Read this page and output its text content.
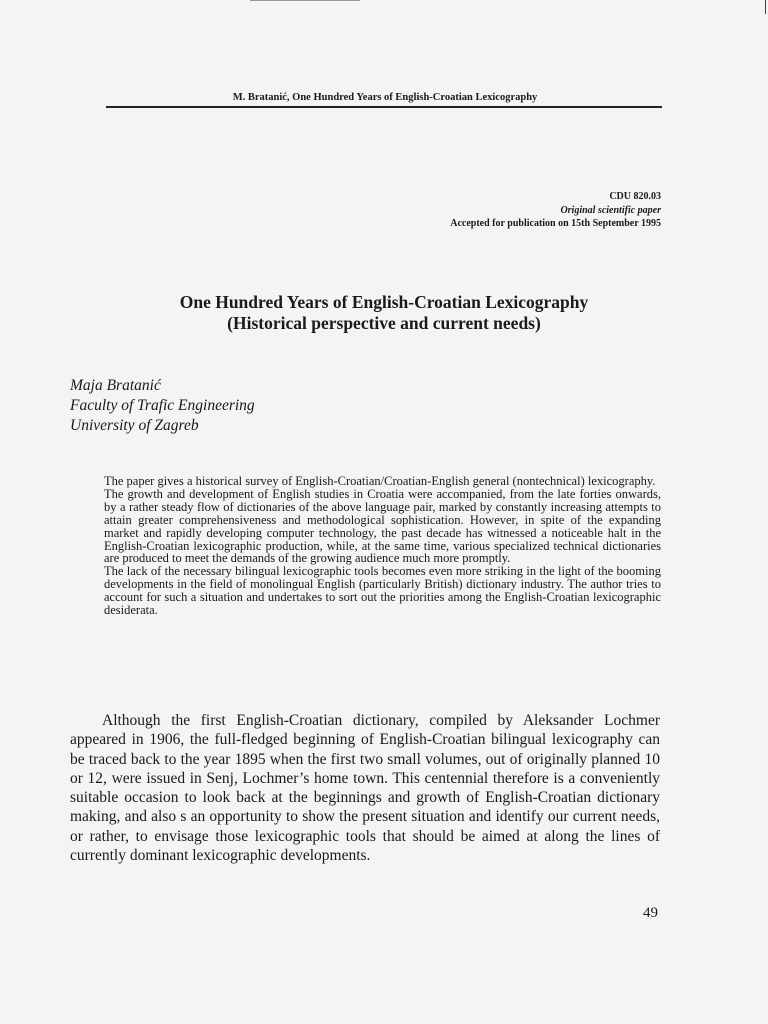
M. Bratanić, One Hundred Years of English-Croatian Lexicography
CDU 820.03
Original scientific paper
Accepted for publication on 15th September 1995
One Hundred Years of English-Croatian Lexicography
(Historical perspective and current needs)
Maja Bratanić
Faculty of Trafic Engineering
University of Zagreb

The paper gives a historical survey of English-Croatian/Croatian-English general (nontechnical) lexicography.

The growth and development of English studies in Croatia were accompanied, from the late forties onwards, by a rather steady flow of dictionaries of the above language pair, marked by constantly increasing attempts to attain greater comprehensiveness and methodological sophistication. However, in spite of the expanding market and rapidly developing computer technology, the past decade has witnessed a noticeable halt in the English-Croatian lexicographic production, while, at the same time, various specialized technical dictionaries are produced to meet the demands of the growing audience much more promptly.

The lack of the necessary bilingual lexicographic tools becomes even more striking in the light of the booming developments in the field of monolingual English (particularly British) dictionary industry. The author tries to account for such a situation and undertakes to sort out the priorities among the English-Croatian lexicographic desiderata.

Although the first English-Croatian dictionary, compiled by Aleksander Lochmer appeared in 1906, the full-fledged beginning of English-Croatian bilingual lexicography can be traced back to the year 1895 when the first two small volumes, out of originally planned 10 or 12, were issued in Senj, Lochmer’s home town. This centennial therefore is a conveniently suitable occasion to look back at the beginnings and growth of English-Croatian dictionary making, and also s an opportunity to show the present situation and identify our current needs, or rather, to envisage those lexicographic tools that should be aimed at along the lines of currently dominant lexicographic developments.

49
